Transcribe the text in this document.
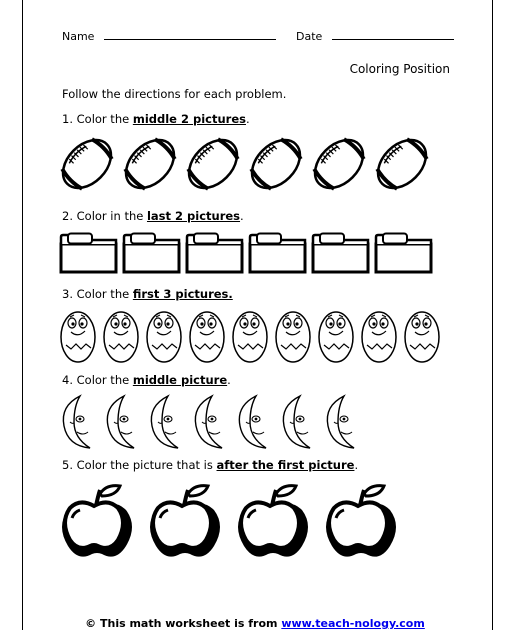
Name	Date
Coloring Position
Follow the directions for each problem.
1. Color the middle 2 pictures.
2. Color in the last 2 pictures.
3. Color the first 3 pictures.
4. Color the middle picture.
5. Color the picture that is after the first picture.
© This math worksheet is from www.teach-nology.com
